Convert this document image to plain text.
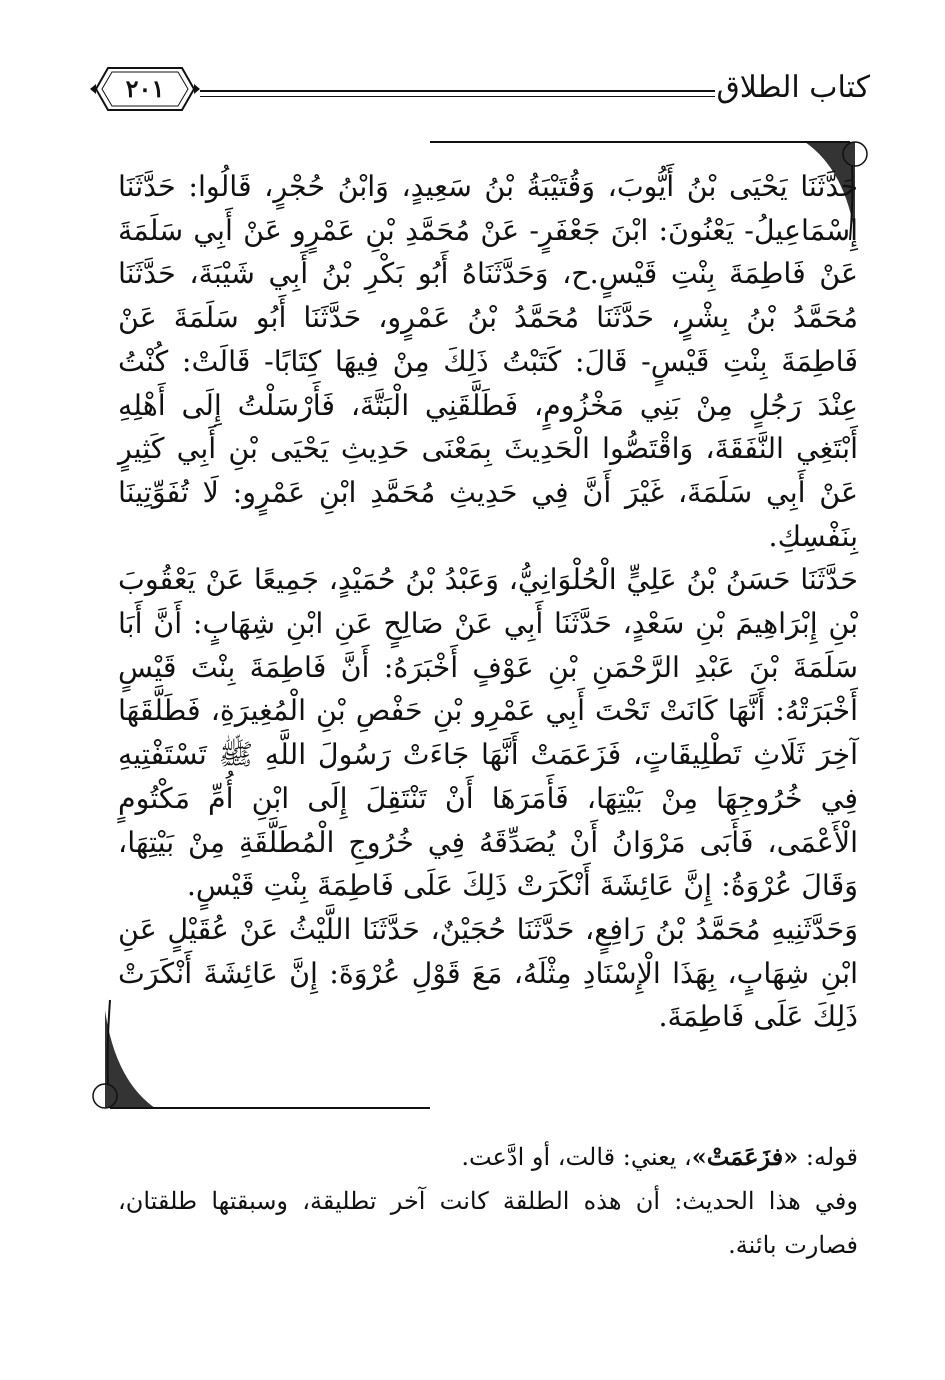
٢٠١	كتاب الطلاق

حَدَّثَنَا يَحْيَى بْنُ أَيُّوبَ، وَقُتَيْبَةُ بْنُ سَعِيدٍ، وَابْنُ حُجْرٍ، قَالُوا: حَدَّثَنَا إِسْمَاعِيلُ- يَعْنُونَ: ابْنَ جَعْفَرٍ- عَنْ مُحَمَّدِ بْنِ عَمْرٍو عَنْ أَبِي سَلَمَةَ عَنْ فَاطِمَةَ بِنْتِ قَيْسٍ.ح، وَحَدَّثَنَاهُ أَبُو بَكْرِ بْنُ أَبِي شَيْبَةَ، حَدَّثَنَا مُحَمَّدُ بْنُ بِشْرٍ، حَدَّثَنَا مُحَمَّدُ بْنُ عَمْرٍو، حَدَّثَنَا أَبُو سَلَمَةَ عَنْ فَاطِمَةَ بِنْتِ قَيْسٍ- قَالَ: كَتَبْتُ ذَلِكَ مِنْ فِيهَا كِتَابًا- قَالَتْ: كُنْتُ عِنْدَ رَجُلٍ مِنْ بَنِي مَخْزُومٍ، فَطَلَّقَنِي الْبَتَّةَ، فَأَرْسَلْتُ إِلَى أَهْلِهِ أَبْتَغِي النَّفَقَةَ، وَاقْتَصُّوا الْحَدِيثَ بِمَعْنَى حَدِيثِ يَحْيَى بْنِ أَبِي كَثِيرٍ عَنْ أَبِي سَلَمَةَ، غَيْرَ أَنَّ فِي حَدِيثِ مُحَمَّدِ ابْنِ عَمْرٍو: لَا تُفَوِّتِينَا بِنَفْسِكِ.

حَدَّثَنَا حَسَنُ بْنُ عَلِيٍّ الْحُلْوَانِيُّ، وَعَبْدُ بْنُ حُمَيْدٍ، جَمِيعًا عَنْ يَعْقُوبَ بْنِ إِبْرَاهِيمَ بْنِ سَعْدٍ، حَدَّثَنَا أَبِي عَنْ صَالِحٍ عَنِ ابْنِ شِهَابٍ: أَنَّ أَبَا سَلَمَةَ بْنَ عَبْدِ الرَّحْمَنِ بْنِ عَوْفٍ أَخْبَرَهُ: أَنَّ فَاطِمَةَ بِنْتَ قَيْسٍ أَخْبَرَتْهُ: أَنَّهَا كَانَتْ تَحْتَ أَبِي عَمْرِو بْنِ حَفْصِ بْنِ الْمُغِيرَةِ، فَطَلَّقَهَا آخِرَ ثَلَاثِ تَطْلِيقَاتٍ، فَزَعَمَتْ أَنَّهَا جَاءَتْ رَسُولَ اللَّهِ ﷺ تَسْتَفْتِيهِ فِي خُرُوجِهَا مِنْ بَيْتِهَا، فَأَمَرَهَا أَنْ تَنْتَقِلَ إِلَى ابْنِ أُمِّ مَكْتُومٍ الْأَعْمَى، فَأَبَى مَرْوَانُ أَنْ يُصَدِّقَهُ فِي خُرُوجِ الْمُطَلَّقَةِ مِنْ بَيْتِهَا، وَقَالَ عُرْوَةُ: إِنَّ عَائِشَةَ أَنْكَرَتْ ذَلِكَ عَلَى فَاطِمَةَ بِنْتِ قَيْسٍ.

وَحَدَّثَنِيهِ مُحَمَّدُ بْنُ رَافِعٍ، حَدَّثَنَا حُجَيْنٌ، حَدَّثَنَا اللَّيْثُ عَنْ عُقَيْلٍ عَنِ ابْنِ شِهَابٍ، بِهَذَا الْإِسْنَادِ مِثْلَهُ، مَعَ قَوْلِ عُرْوَةَ: إِنَّ عَائِشَةَ أَنْكَرَتْ ذَلِكَ عَلَى فَاطِمَةَ.

قوله: «فزَعَمَتْ»، يعني: قالت، أو ادَّعت.

وفي هذا الحديث: أن هذه الطلقة كانت آخر تطليقة، وسبقتها طلقتان، فصارت بائنة.
